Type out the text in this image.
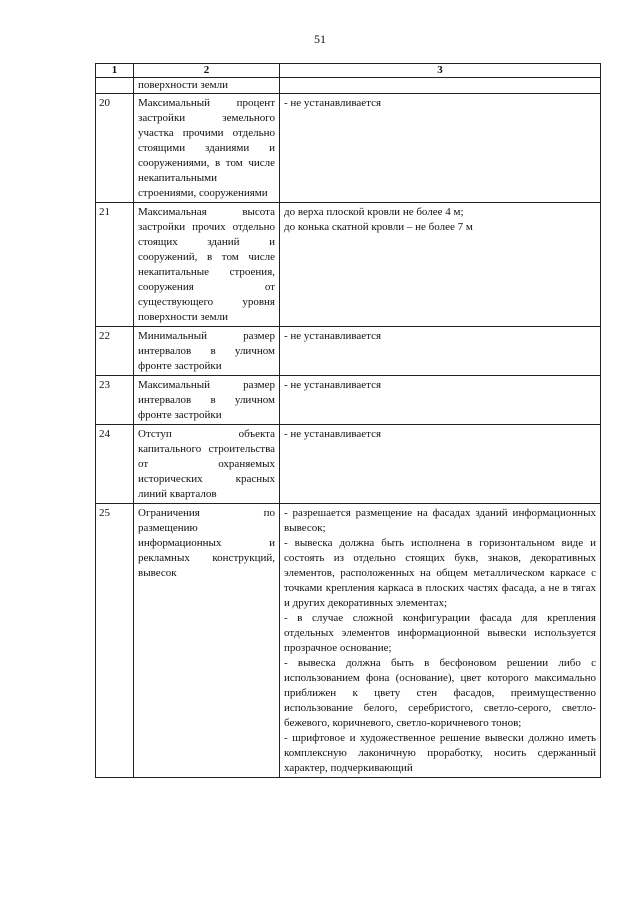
51
1	2	3
	поверхности земли	
20	Максимальный процент застройки земельного участка прочими отдельно стоящими зданиями и сооружениями, в том числе некапитальными строениями, сооружениями	- не устанавливается

21	Максимальная высота застройки прочих отдельно стоящих зданий и сооружений, в том числе некапитальные строения, сооружения от существующего уровня поверхности земли	до верха плоской кровли не более 4 м;
до конька скатной кровли – не более 7 м

22	Минимальный размер интервалов в уличном фронте застройки	- не устанавливается

23	Максимальный размер интервалов в уличном фронте застройки	- не устанавливается

24	Отступ объекта капитального строительства от охраняемых исторических красных линий кварталов	- не устанавливается

25	Ограничения по размещению информационных и рекламных конструкций, вывесок	- разрешается размещение на фасадах зданий информационных вывесок;
- вывеска должна быть исполнена в горизонтальном виде и состоять из отдельно стоящих букв, знаков, декоративных элементов, расположенных на общем металлическом каркасе с точками крепления каркаса в плоских частях фасада, а не в тягах и других декоративных элементах;
- в случае сложной конфигурации фасада для крепления отдельных элементов информационной вывески используется прозрачное основание;
- вывеска должна быть в бесфоновом решении либо с использованием фона (основание), цвет которого максимально приближен к цвету стен фасадов, преимущественно использование белого, серебристого, светло-серого, светло-бежевого, коричневого, светло-коричневого тонов;
- шрифтовое и художественное решение вывески должно иметь комплексную лаконичную проработку, носить сдержанный характер, подчеркивающий
